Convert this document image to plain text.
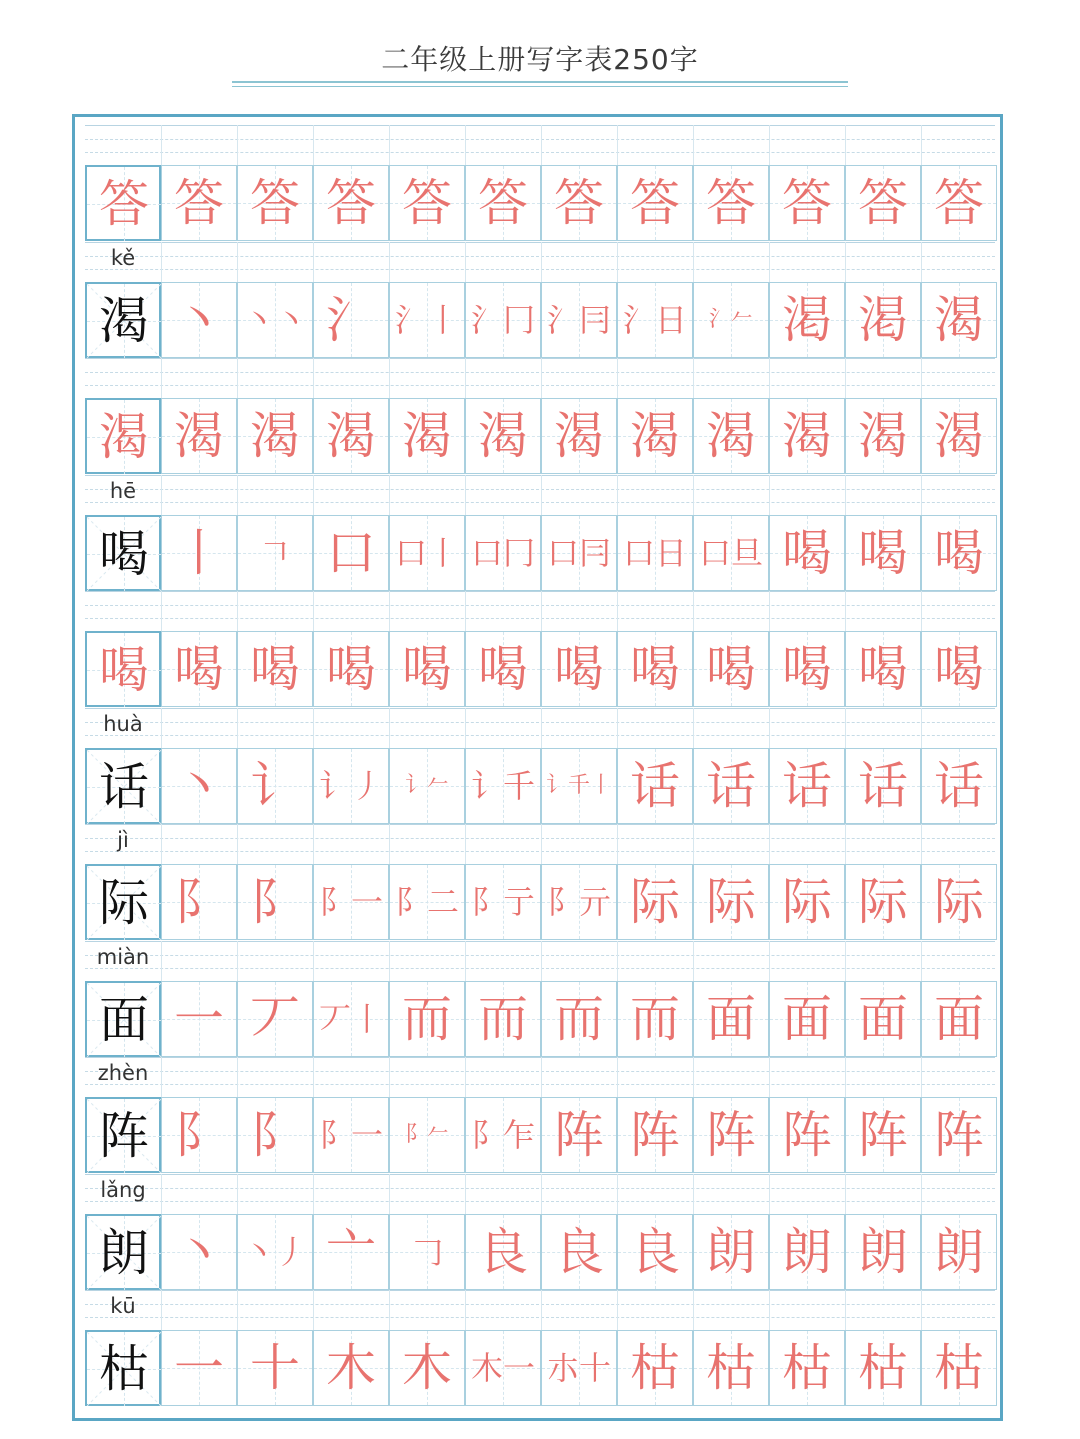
二年级上册写字表250字
答 答 答 答 答 答 答 答 答 答 答 答
kě
渴 丶 丶丶 氵 氵丨 氵冂 氵冃 氵日 氵𠂉 渇 渇 渴
渴 渴 渴 渴 渴 渴 渴 渴 渴 渴 渴 渴
hē
喝 丨	𠃍 口 口丨 口冂 口冃 口日 口旦 喝 喝 喝
喝 喝 喝 喝 喝 喝 喝 喝 喝 喝 喝 喝
huà
话 丶 讠 讠丿 讠𠂉 讠千 讠千丨 话 话 话 话 话
jì
际 阝 阝 阝一 阝二 阝亍 阝亓 际 际 际 际 际
miàn
面 一 丆 丆丨 而 而 而 而 面 面 面 面
zhèn
阵 阝 阝 阝一 阝𠂉 阝乍 阵 阵 阵 阵 阵 阵
lǎng
朗 丶 丶丿 亠	𠃌 良 良 良 朗 朗 朗 朗
kū
枯 一 十 木 木 木一 朩十 枯 枯 枯 枯 枯
